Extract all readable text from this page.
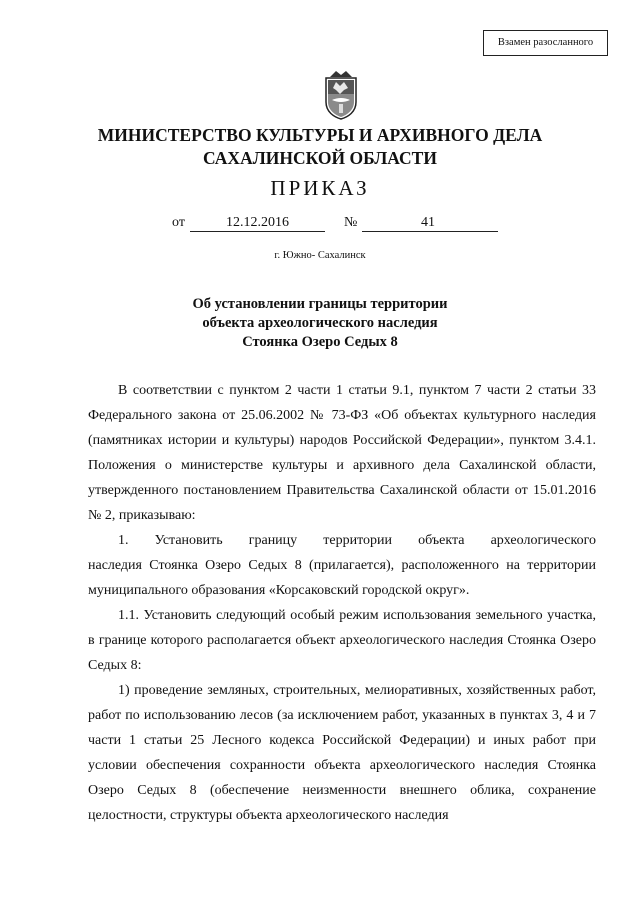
Взамен разосланного
МИНИСТЕРСТВО КУЛЬТУРЫ И АРХИВНОГО ДЕЛА
САХАЛИНСКОЙ ОБЛАСТИ
ПРИКАЗ
от	12.12.2016	№	41
г. Южно- Сахалинск
Об установлении границы территории
объекта археологического наследия
Стоянка Озеро Седых 8

В соответствии с пунктом 2 части 1 статьи 9.1, пунктом 7 части 2 статьи 33 Федерального закона от 25.06.2002 № 73-ФЗ «Об объектах культурного наследия (памятниках истории и культуры) народов Российской Федерации», пунктом 3.4.1. Положения о министерстве культуры и архивного дела Сахалинской области, утвержденного постановлением Правительства Сахалинской области от 15.01.2016 № 2, приказываю:

1. Установить границу территории объекта археологического

наследия Стоянка Озеро Седых 8 (прилагается), расположенного на территории муниципального образования «Корсаковский городской округ».

1.1. Установить следующий особый режим использования земельного участка, в границе которого располагается объект археологического наследия Стоянка Озеро Седых 8:

1) проведение земляных, строительных, мелиоративных, хозяйственных работ, работ по использованию лесов (за исключением работ, указанных в пунктах 3, 4 и 7 части 1 статьи 25 Лесного кодекса Российской Федерации) и иных работ при условии обеспечения сохранности объекта археологического наследия Стоянка Озеро Седых 8 (обеспечение неизменности внешнего облика, сохранение целостности, структуры объекта археологического наследия
